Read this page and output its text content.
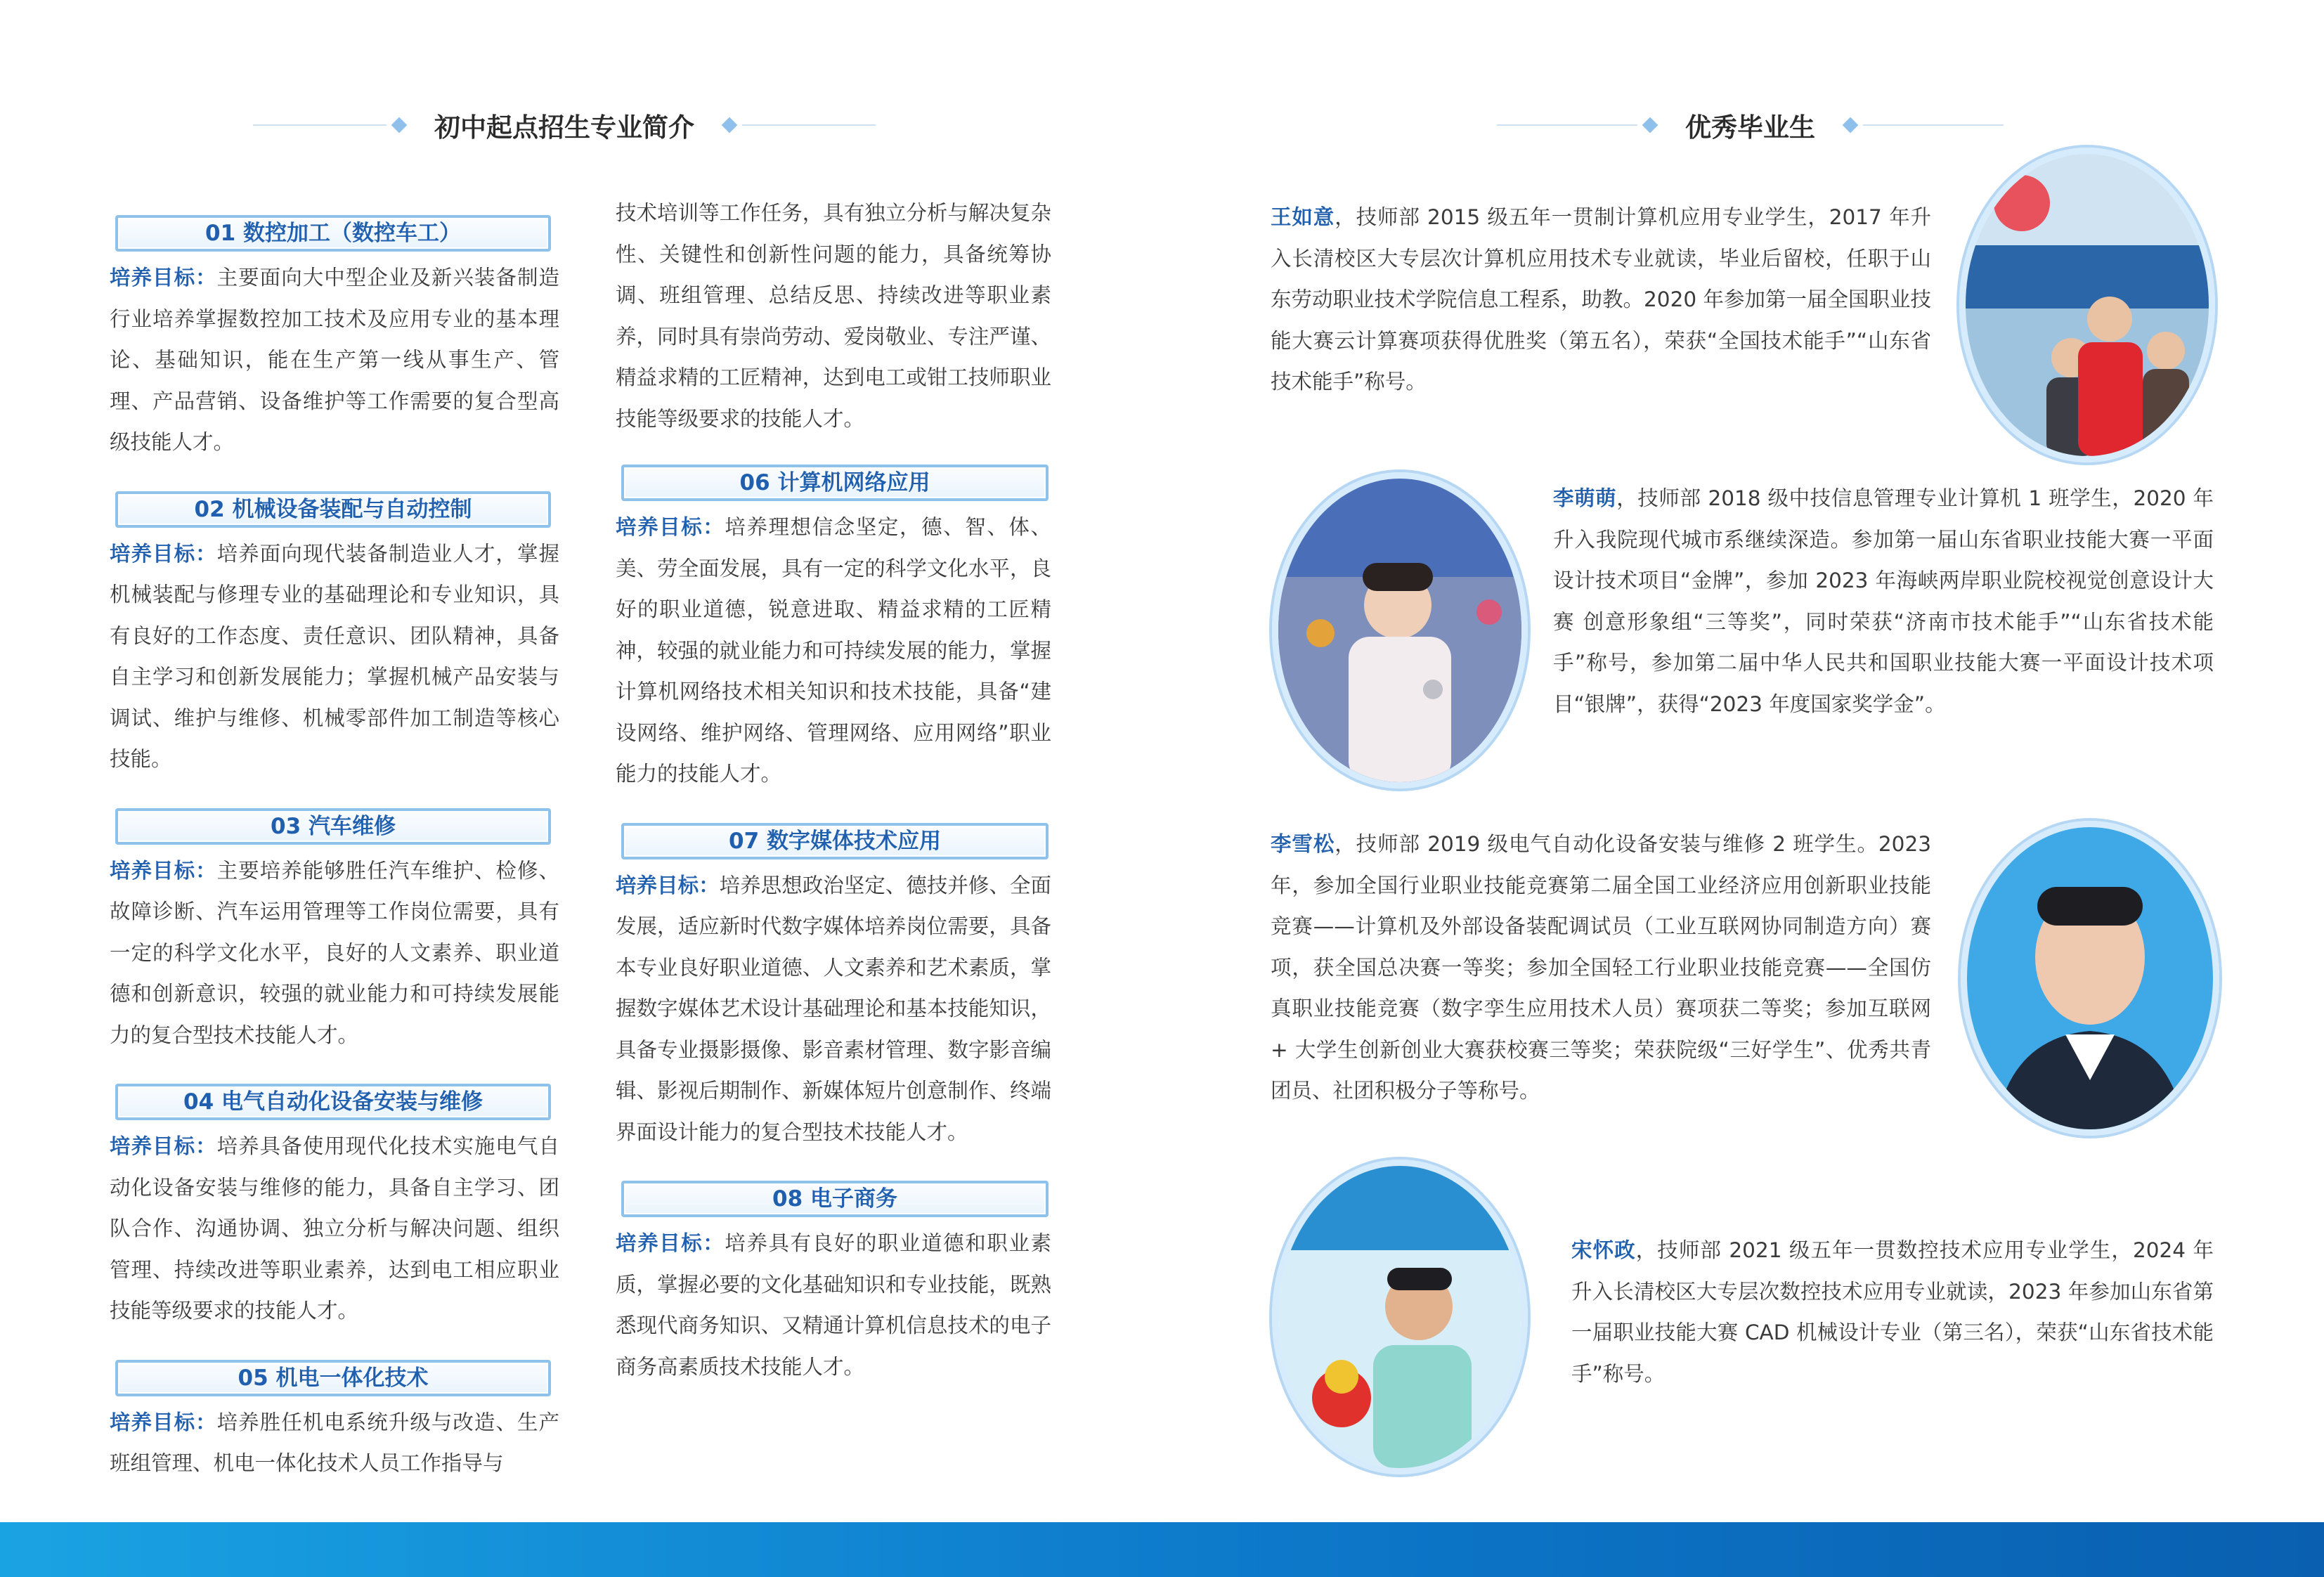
初中起点招生专业简介	优秀毕业生
01 数控加工（数控车工）

培养目标：主要面向大中型企业及新兴装备制造行业培养掌握数控加工技术及应用专业的基本理论、基础知识，能在生产第一线从事生产、管理、产品营销、设备维护等工作需要的复合型高级技能人才。

02 机械设备装配与自动控制

培养目标：培养面向现代装备制造业人才，掌握机械装配与修理专业的基础理论和专业知识，具有良好的工作态度、责任意识、团队精神，具备自主学习和创新发展能力；掌握机械产品安装与调试、维护与维修、机械零部件加工制造等核心技能。

03 汽车维修

培养目标：主要培养能够胜任汽车维护、检修、故障诊断、汽车运用管理等工作岗位需要，具有一定的科学文化水平，良好的人文素养、职业道德和创新意识，较强的就业能力和可持续发展能力的复合型技术技能人才。

04 电气自动化设备安装与维修

培养目标：培养具备使用现代化技术实施电气自动化设备安装与维修的能力，具备自主学习、团队合作、沟通协调、独立分析与解决问题、组织管理、持续改进等职业素养，达到电工相应职业技能等级要求的技能人才。

05 机电一体化技术

培养目标：培养胜任机电系统升级与改造、生产班组管理、机电一体化技术人员工作指导与

技术培训等工作任务，具有独立分析与解决复杂性、关键性和创新性问题的能力，具备统筹协调、班组管理、总结反思、持续改进等职业素养，同时具有崇尚劳动、爱岗敬业、专注严谨、精益求精的工匠精神，达到电工或钳工技师职业技能等级要求的技能人才。

06 计算机网络应用

培养目标：培养理想信念坚定，德、智、体、美、劳全面发展，具有一定的科学文化水平，良好的职业道德，锐意进取、精益求精的工匠精神，较强的就业能力和可持续发展的能力，掌握计算机网络技术相关知识和技术技能，具备“建设网络、维护网络、管理网络、应用网络”职业能力的技能人才。

07 数字媒体技术应用

培养目标：培养思想政治坚定、德技并修、全面发展，适应新时代数字媒体培养岗位需要，具备本专业良好职业道德、人文素养和艺术素质，掌握数字媒体艺术设计基础理论和基本技能知识，具备专业摄影摄像、影音素材管理、数字影音编辑、影视后期制作、新媒体短片创意制作、终端界面设计能力的复合型技术技能人才。

08 电子商务

培养目标：培养具有良好的职业道德和职业素质，掌握必要的文化基础知识和专业技能，既熟悉现代商务知识、又精通计算机信息技术的电子商务高素质技术技能人才。

王如意，技师部 2015 级五年一贯制计算机应用专业学生，2017 年升入长清校区大专层次计算机应用技术专业就读，毕业后留校，任职于山东劳动职业技术学院信息工程系，助教。2020 年参加第一届全国职业技能大赛云计算赛项获得优胜奖（第五名），荣获“全国技术能手”“山东省技术能手”称号。

李萌萌，技师部 2018 级中技信息管理专业计算机 1 班学生，2020 年升入我院现代城市系继续深造。参加第一届山东省职业技能大赛一平面设计技术项目“金牌”，参加 2023 年海峡两岸职业院校视觉创意设计大赛 创意形象组“三等奖”，同时荣获“济南市技术能手”“山东省技术能手”称号，参加第二届中华人民共和国职业技能大赛一平面设计技术项目“银牌”，获得“2023 年度国家奖学金”。

李雪松，技师部 2019 级电气自动化设备安装与维修 2 班学生。2023 年，参加全国行业职业技能竞赛第二届全国工业经济应用创新职业技能竞赛——计算机及外部设备装配调试员（工业互联网协同制造方向）赛项，获全国总决赛一等奖；参加全国轻工行业职业技能竞赛——全国仿真职业技能竞赛（数字孪生应用技术人员）赛项获二等奖；参加互联网 + 大学生创新创业大赛获校赛三等奖；荣获院级“三好学生”、优秀共青团员、社团积极分子等称号。

宋怀政，技师部 2021 级五年一贯数控技术应用专业学生，2024 年升入长清校区大专层次数控技术应用专业就读，2023 年参加山东省第一届职业技能大赛 CAD 机械设计专业（第三名），荣获“山东省技术能手”称号。
